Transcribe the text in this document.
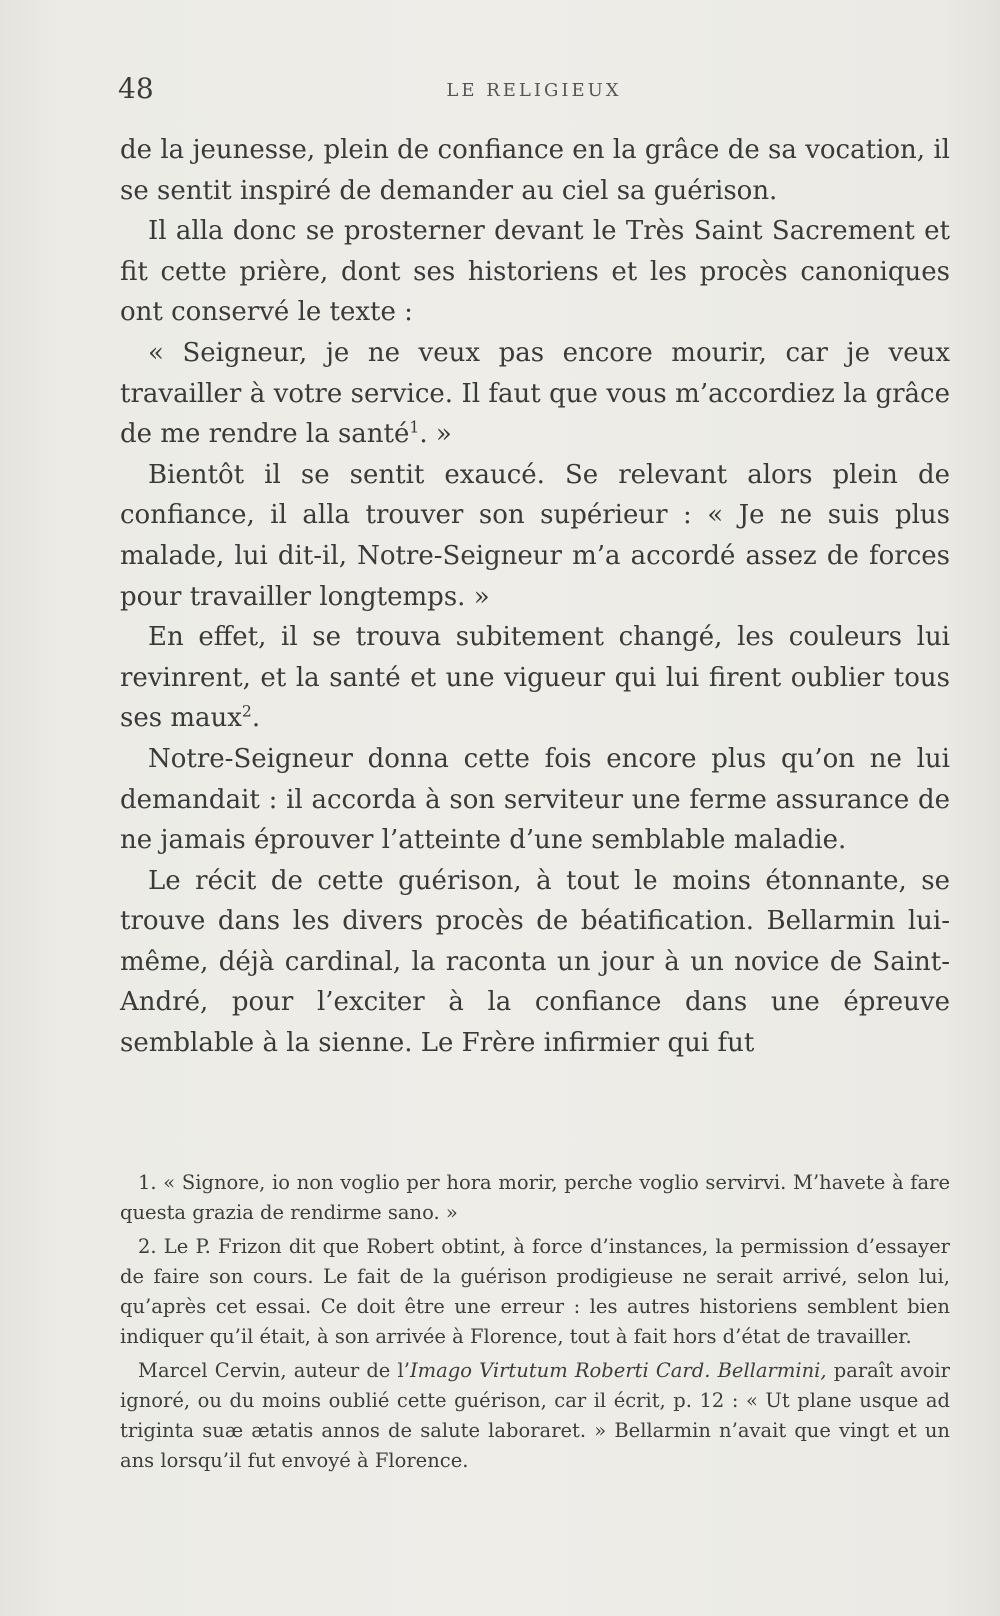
48	LE RELIGIEUX

de la jeunesse, plein de confiance en la grâce de sa vocation, il se sentit inspiré de demander au ciel sa guérison.

Il alla donc se prosterner devant le Très Saint Sacrement et fit cette prière, dont ses historiens et les procès canoniques ont conservé le texte :

« Seigneur, je ne veux pas encore mourir, car je veux travailler à votre service. Il faut que vous m’accordiez la grâce de me rendre la santé$^1$. »

Bientôt il se sentit exaucé. Se relevant alors plein de confiance, il alla trouver son supérieur : « Je ne suis plus malade, lui dit-il, Notre-Seigneur m’a accordé assez de forces pour travailler longtemps. »

En effet, il se trouva subitement changé, les couleurs lui revinrent, et la santé et une vigueur qui lui firent oublier tous ses maux$^2$.

Notre-Seigneur donna cette fois encore plus qu’on ne lui demandait : il accorda à son serviteur une ferme assurance de ne jamais éprouver l’atteinte d’une semblable maladie.

Le récit de cette guérison, à tout le moins étonnante, se trouve dans les divers procès de béatification. Bellarmin lui-même, déjà cardinal, la raconta un jour à un novice de Saint-André, pour l’exciter à la confiance dans une épreuve semblable à la sienne. Le Frère infirmier qui fut

1. « Signore, io non voglio per hora morir, perche voglio servirvi. M’havete à fare questa grazia de rendirme sano. »

2. Le P. Frizon dit que Robert obtint, à force d’instances, la permission d’essayer de faire son cours. Le fait de la guérison prodigieuse ne serait arrivé, selon lui, qu’après cet essai. Ce doit être une erreur : les autres historiens semblent bien indiquer qu’il était, à son arrivée à Florence, tout à fait hors d’état de travailler.

Marcel Cervin, auteur de l’Imago Virtutum Roberti Card. Bellarmini, paraît avoir ignoré, ou du moins oublié cette guérison, car il écrit, p. 12 : « Ut plane usque ad triginta suæ ætatis annos de salute laboraret. » Bellarmin n’avait que vingt et un ans lorsqu’il fut envoyé à Florence.
